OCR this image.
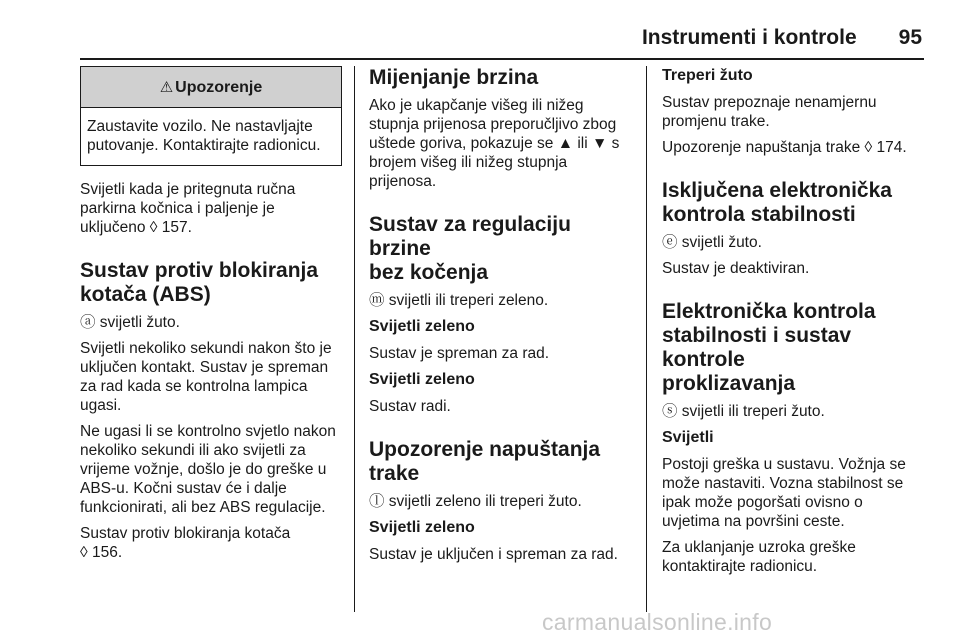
Instrumenti i kontrole 95
⚠ Upozorenje
Zaustavite vozilo. Ne nastavljajte putovanje. Kontaktirajte radionicu.

Svijetli kada je pritegnuta ručna
parkirna kočnica i paljenje je
uključeno ◊ 157.

Sustav protiv blokiranja
kotača (ABS)

ⓐ svijetli žuto.

Svijetli nekoliko sekundi nakon što je
uključen kontakt. Sustav je spreman
za rad kada se kontrolna lampica
ugasi.

Ne ugasi li se kontrolno svjetlo nakon
nekoliko sekundi ili ako svijetli za
vrijeme vožnje, došlo je do greške u
ABS-u. Kočni sustav će i dalje
funkcionirati, ali bez ABS regulacije.

Sustav protiv blokiranja kotača
◊ 156.

Mijenjanje brzina

Ako je ukapčanje višeg ili nižeg
stupnja prijenosa preporučljivo zbog
uštede goriva, pokazuje se ▲ ili ▼ s
brojem višeg ili nižeg stupnja
prijenosa.

Sustav za regulaciju brzine
bez kočenja

ⓜ svijetli ili treperi zeleno.

Svijetli zeleno

Sustav je spreman za rad.

Svijetli zeleno

Sustav radi.

Upozorenje napuštanja
trake

ⓛ svijetli zeleno ili treperi žuto.

Svijetli zeleno

Sustav je uključen i spreman za rad.

Treperi žuto

Sustav prepoznaje nenamjernu
promjenu trake.

Upozorenje napuštanja trake ◊ 174.

Isključena elektronička
kontrola stabilnosti

ⓔ svijetli žuto.

Sustav je deaktiviran.

Elektronička kontrola
stabilnosti i sustav kontrole
proklizavanja

ⓢ svijetli ili treperi žuto.

Svijetli

Postoji greška u sustavu. Vožnja se
može nastaviti. Vozna stabilnost se
ipak može pogoršati ovisno o
uvjetima na površini ceste.

Za uklanjanje uzroka greške
kontaktirajte radionicu.

carmanualsonline.info
